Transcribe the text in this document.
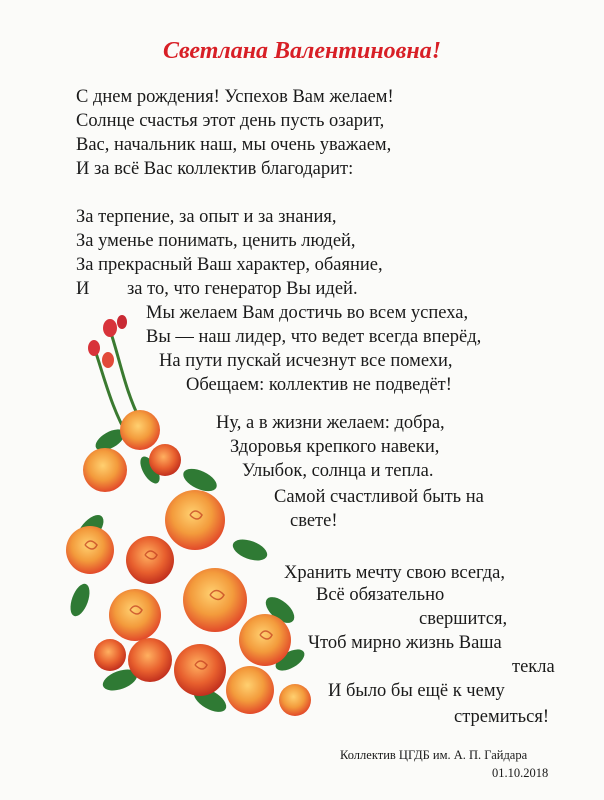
Светлана Валентиновна!
С днем рождения! Успехов Вам желаем!
Солнце счастья этот день пусть озарит,
Вас, начальник наш, мы очень уважаем,
И за всё Вас коллектив благодарит:
За терпение, за опыт и за знания,
За уменье понимать, ценить людей,
За прекрасный Ваш характер, обаяние,
И за то, что генератор Вы идей.
Мы желаем Вам достичь во всем успеха,
Вы — наш лидер, что ведет всегда вперёд,
На пути пускай исчезнут все помехи,
Обещаем: коллектив не подведёт!
Ну, а в жизни желаем: добра,
Здоровья крепкого навеки,
Улыбок, солнца и тепла.
Самой счастливой быть на
свете!
Хранить мечту свою всегда,
Всё обязательно
свершится,
Чтоб мирно жизнь Ваша
текла
И было бы ещё к чему
стремиться!
Коллектив ЦГДБ им. А. П. Гайдара
01.10.2018
